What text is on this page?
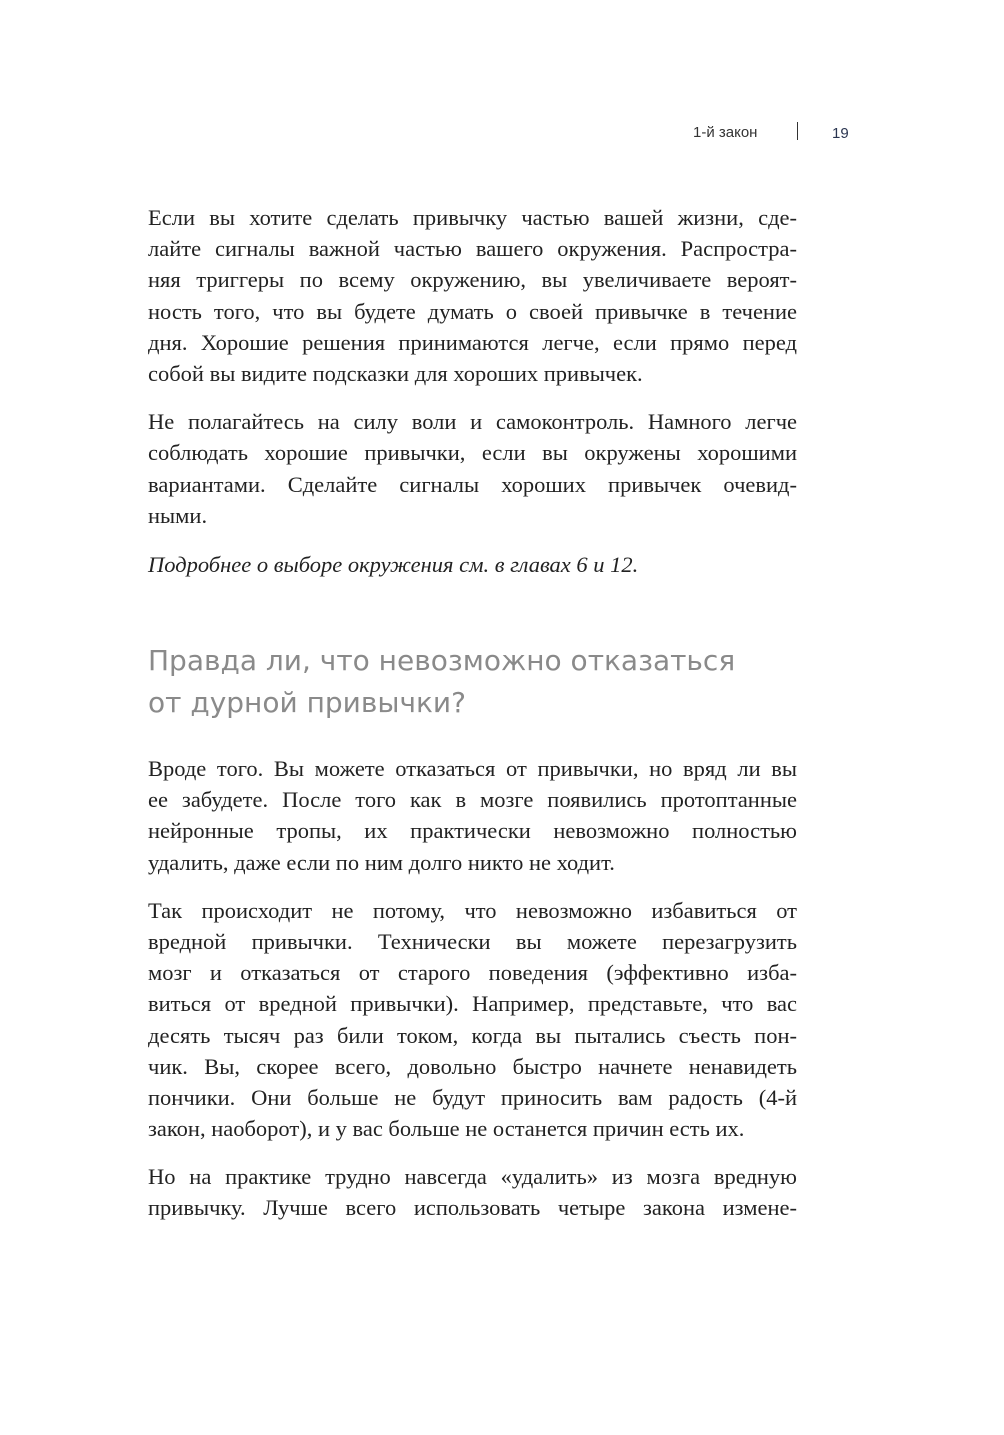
1-й закон	19
Если вы хотите сделать привычку частью вашей жизни, сде-
лайте сигналы важной частью вашего окружения. Распростра-
няя триггеры по всему окружению, вы увеличиваете вероят-
ность того, что вы будете думать о своей привычке в течение
дня. Хорошие решения принимаются легче, если прямо перед
собой вы видите подсказки для хороших привычек.
Не полагайтесь на силу воли и самоконтроль. Намного легче
соблюдать хорошие привычки, если вы окружены хорошими
вариантами. Сделайте сигналы хороших привычек очевид-
ными.
Подробнее о выборе окружения см. в главах 6 и 12.
Правда ли, что невозможно отказаться
от дурной привычки?
Вроде того. Вы можете отказаться от привычки, но вряд ли вы
ее забудете. После того как в мозге появились протоптанные
нейронные тропы, их практически невозможно полностью
удалить, даже если по ним долго никто не ходит.
Так происходит не потому, что невозможно избавиться от
вредной привычки. Технически вы можете перезагрузить
мозг и отказаться от старого поведения (эффективно изба-
виться от вредной привычки). Например, представьте, что вас
десять тысяч раз били током, когда вы пытались съесть пон-
чик. Вы, скорее всего, довольно быстро начнете ненавидеть
пончики. Они больше не будут приносить вам радость (4-й
закон, наоборот), и у вас больше не останется причин есть их.
Но на практике трудно навсегда «удалить» из мозга вредную
привычку. Лучше всего использовать четыре закона измене-
